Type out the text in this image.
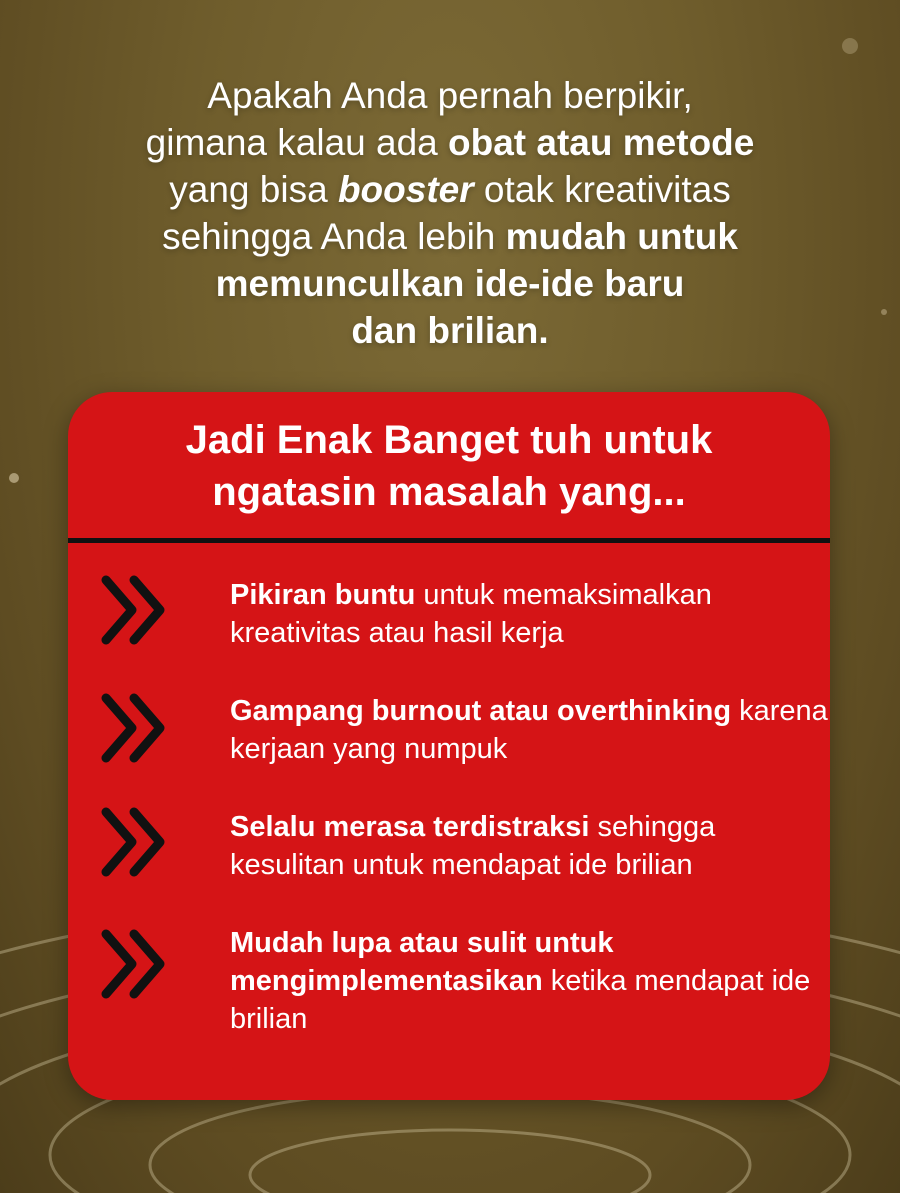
Apakah Anda pernah berpikir,
gimana kalau ada obat atau metode
yang bisa booster otak kreativitas
sehingga Anda lebih mudah untuk
memunculkan ide-ide baru
dan brilian.
Jadi Enak Banget tuh untuk
ngatasin masalah yang...
Pikiran buntu untuk memaksimalkan kreativitas atau hasil kerja
Gampang burnout atau overthinking karena kerjaan yang numpuk
Selalu merasa terdistraksi sehingga kesulitan untuk mendapat ide brilian
Mudah lupa atau sulit untuk mengimplementasikan ketika mendapat ide brilian
